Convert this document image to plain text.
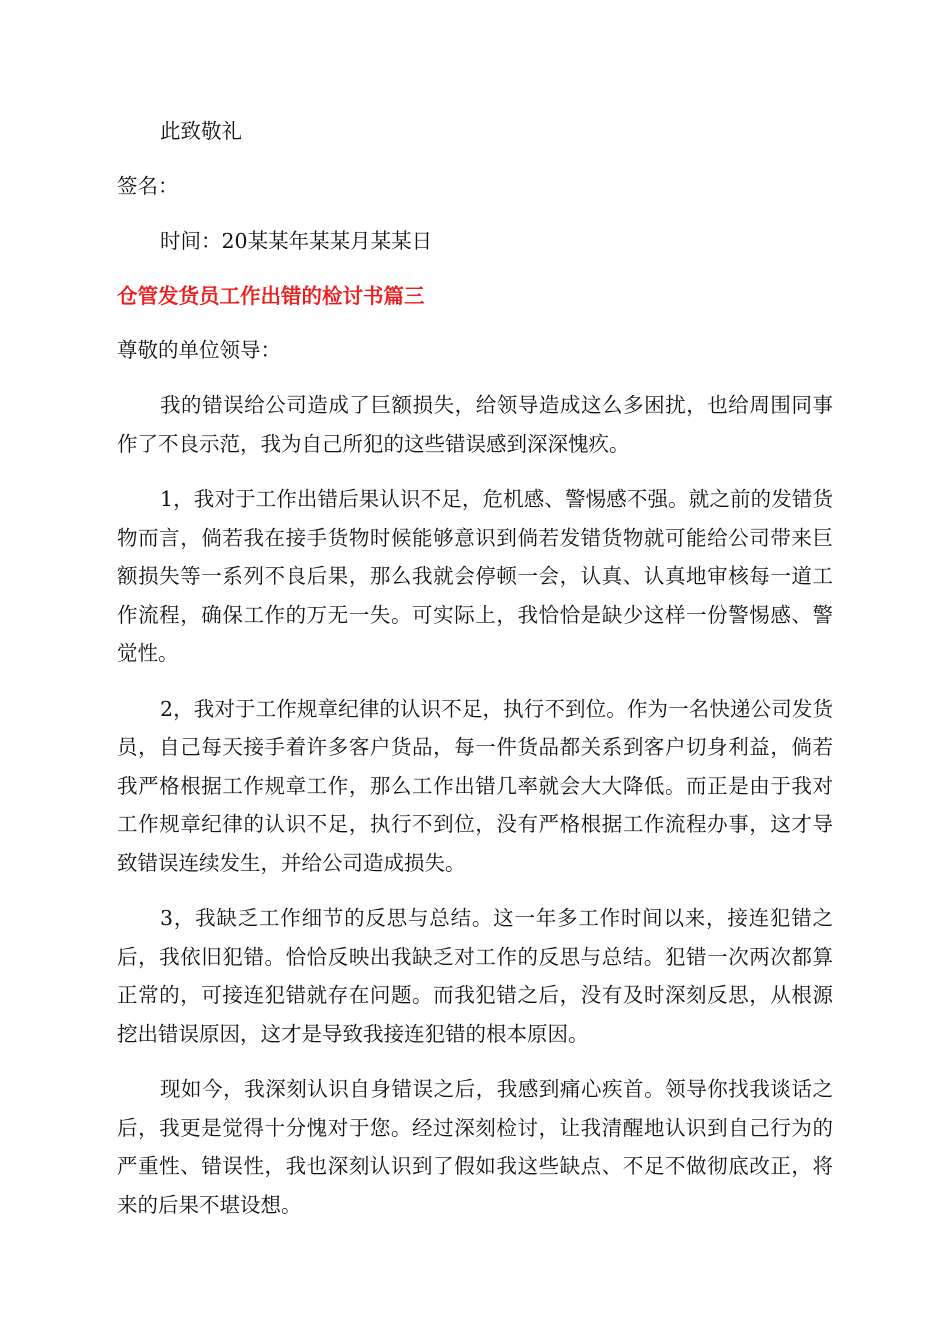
此致敬礼

签名：

时间：20某某年某某月某某日

仓管发货员工作出错的检讨书篇三

尊敬的单位领导：

我的错误给公司造成了巨额损失，给领导造成这么多困扰，也给周围同事作了不良示范，我为自己所犯的这些错误感到深深愧疚。

1，我对于工作出错后果认识不足，危机感、警惕感不强。就之前的发错货物而言，倘若我在接手货物时候能够意识到倘若发错货物就可能给公司带来巨额损失等一系列不良后果，那么我就会停顿一会，认真、认真地审核每一道工作流程，确保工作的万无一失。可实际上，我恰恰是缺少这样一份警惕感、警觉性。

2，我对于工作规章纪律的认识不足，执行不到位。作为一名快递公司发货员，自己每天接手着许多客户货品，每一件货品都关系到客户切身利益，倘若我严格根据工作规章工作，那么工作出错几率就会大大降低。而正是由于我对工作规章纪律的认识不足，执行不到位，没有严格根据工作流程办事，这才导致错误连续发生，并给公司造成损失。

3，我缺乏工作细节的反思与总结。这一年多工作时间以来，接连犯错之后，我依旧犯错。恰恰反映出我缺乏对工作的反思与总结。犯错一次两次都算正常的，可接连犯错就存在问题。而我犯错之后，没有及时深刻反思，从根源挖出错误原因，这才是导致我接连犯错的根本原因。

现如今，我深刻认识自身错误之后，我感到痛心疾首。领导你找我谈话之后，我更是觉得十分愧对于您。经过深刻检讨，让我清醒地认识到自己行为的严重性、错误性，我也深刻认识到了假如我这些缺点、不足不做彻底改正，将来的后果不堪设想。
